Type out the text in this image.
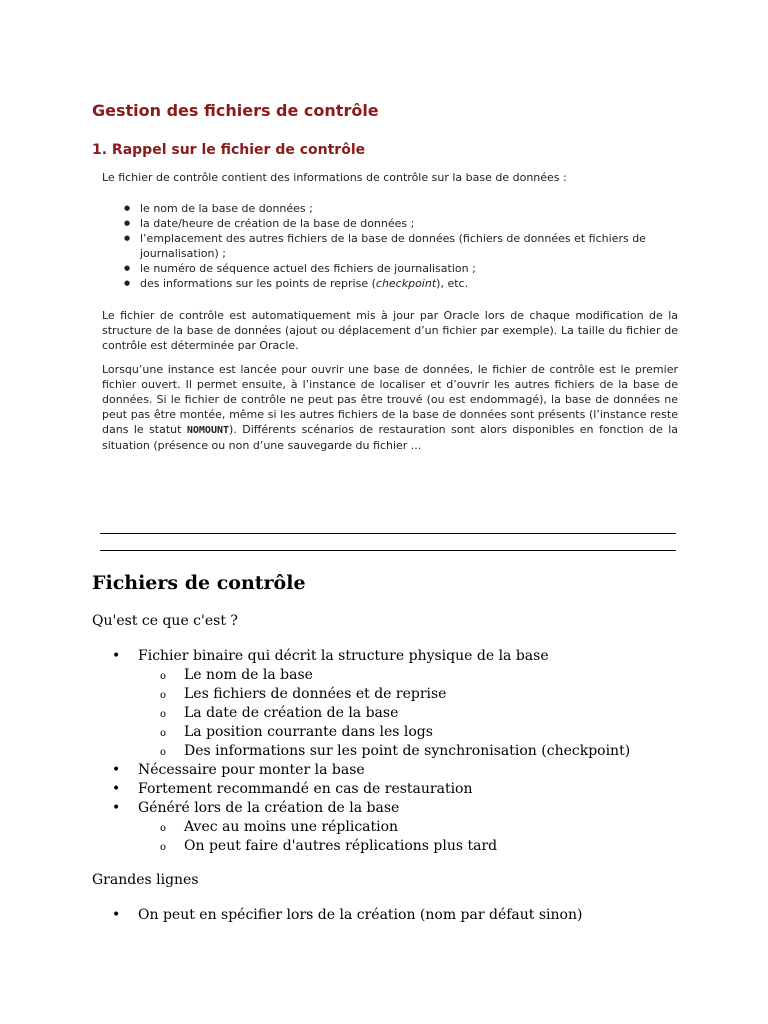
Gestion des fichiers de contrôle
1. Rappel sur le fichier de contrôle

Le fichier de contrôle contient des informations de contrôle sur la base de données :

● le nom de la base de données ;
● la date/heure de création de la base de données ;
● l’emplacement des autres fichiers de la base de données (fichiers de données et fichiers de journalisation) ;
● le numéro de séquence actuel des fichiers de journalisation ;
● des informations sur les points de reprise (checkpoint), etc.

Le fichier de contrôle est automatiquement mis à jour par Oracle lors de chaque modification de la structure de la base de données (ajout ou déplacement d’un fichier par exemple). La taille du fichier de contrôle est déterminée par Oracle.

Lorsqu’une instance est lancée pour ouvrir une base de données, le fichier de contrôle est le premier fichier ouvert. Il permet ensuite, à l’instance de localiser et d’ouvrir les autres fichiers de la base de données. Si le fichier de contrôle ne peut pas être trouvé (ou est endommagé), la base de données ne peut pas être montée, même si les autres fichiers de la base de données sont présents (l’instance reste dans le statut NOMOUNT). Différents scénarios de restauration sont alors disponibles en fonction de la situation (présence ou non d’une sauvegarde du fichier ...

Fichiers de contrôle

Qu'est ce que c'est ?

• Fichier binaire qui décrit la structure physique de la base
o Le nom de la base
o Les fichiers de données et de reprise
o La date de création de la base
o La position courrante dans les logs
o Des informations sur les point de synchronisation (checkpoint)
• Nécessaire pour monter la base
• Fortement recommandé en cas de restauration
• Généré lors de la création de la base
o Avec au moins une réplication
o On peut faire d'autres réplications plus tard

Grandes lignes

• On peut en spécifier lors de la création (nom par défaut sinon)
